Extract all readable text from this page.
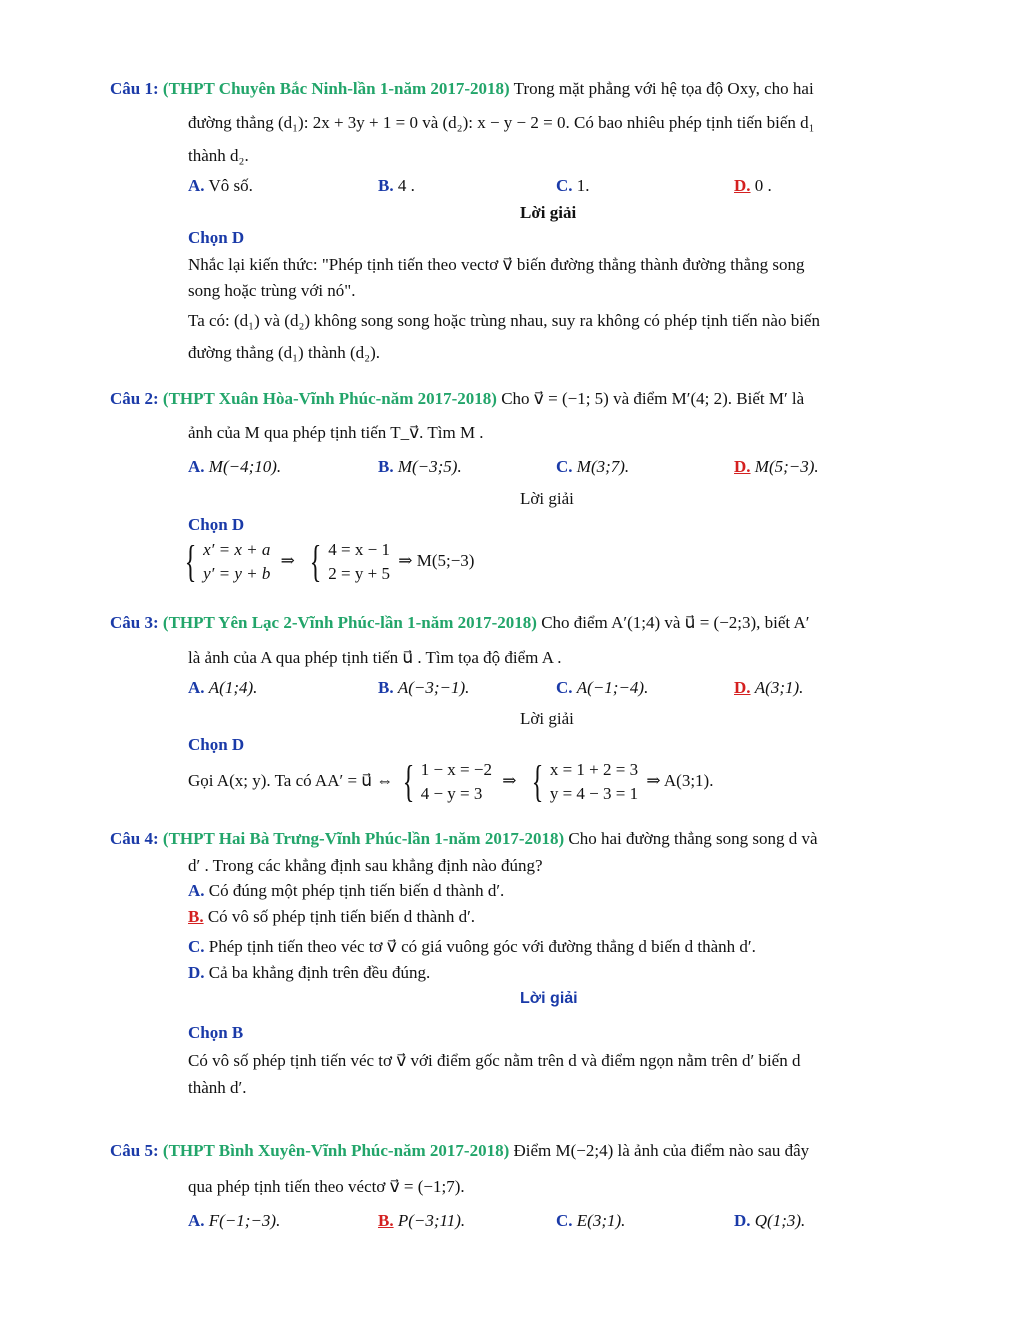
Câu 1: (THPT Chuyên Bắc Ninh-lần 1-năm 2017-2018) Trong mặt phẳng với hệ tọa độ Oxy, cho hai
đường thẳng (d₁): 2x + 3y + 1 = 0 và (d₂): x − y − 2 = 0. Có bao nhiêu phép tịnh tiến biến d₁
thành d₂.
A. Vô số.	B. 4 .	C. 1.	D. 0 .
Lời giải
Chọn D
Nhắc lại kiến thức: "Phép tịnh tiến theo vectơ v⃗ biến đường thẳng thành đường thẳng song
song hoặc trùng với nó".
Ta có: (d₁) và (d₂) không song song hoặc trùng nhau, suy ra không có phép tịnh tiến nào biến
đường thẳng (d₁) thành (d₂).
Câu 2: (THPT Xuân Hòa-Vĩnh Phúc-năm 2017-2018) Cho v⃗ = (−1; 5) và điểm M′(4; 2). Biết M′ là
ảnh của M qua phép tịnh tiến T_v⃗. Tìm M .
A. M(−4;10).	B. M(−3;5).	C. M(3;7).	D. M(5;−3).
Lời giải
Chọn D
{ x′ = x + a
y′ = y + b
⇒ { 4 = x − 1
2 = y + 5
⇒ M(5;−3)
Câu 3: (THPT Yên Lạc 2-Vĩnh Phúc-lần 1-năm 2017-2018) Cho điểm A′(1;4) và u⃗ = (−2;3), biết A′
là ảnh của A qua phép tịnh tiến u⃗ . Tìm tọa độ điểm A .
A. A(1;4).	B. A(−3;−1).	C. A(−1;−4).	D. A(3;1).
Lời giải
Chọn D
Gọi A(x; y). Ta có AA′ = u⃗ ⇔ { 1 − x = −2
4 − y = 3
⇒ { x = 1 + 2 = 3
y = 4 − 3 = 1
⇒ A(3;1).
Câu 4: (THPT Hai Bà Trưng-Vĩnh Phúc-lần 1-năm 2017-2018) Cho hai đường thẳng song song d và
d′ . Trong các khẳng định sau khẳng định nào đúng?
A. Có đúng một phép tịnh tiến biến d thành d′.
B. Có vô số phép tịnh tiến biến d thành d′.
C. Phép tịnh tiến theo véc tơ v⃗ có giá vuông góc với đường thẳng d biến d thành d′.
D. Cả ba khẳng định trên đều đúng.
Lời giải
Chọn B
Có vô số phép tịnh tiến véc tơ v⃗ với điểm gốc nằm trên d và điểm ngọn nằm trên d′ biến d
thành d′.
Câu 5: (THPT Bình Xuyên-Vĩnh Phúc-năm 2017-2018) Điểm M(−2;4) là ảnh của điểm nào sau đây
qua phép tịnh tiến theo véctơ v⃗ = (−1;7).
A. F(−1;−3).	B. P(−3;11).	C. E(3;1).	D. Q(1;3).
